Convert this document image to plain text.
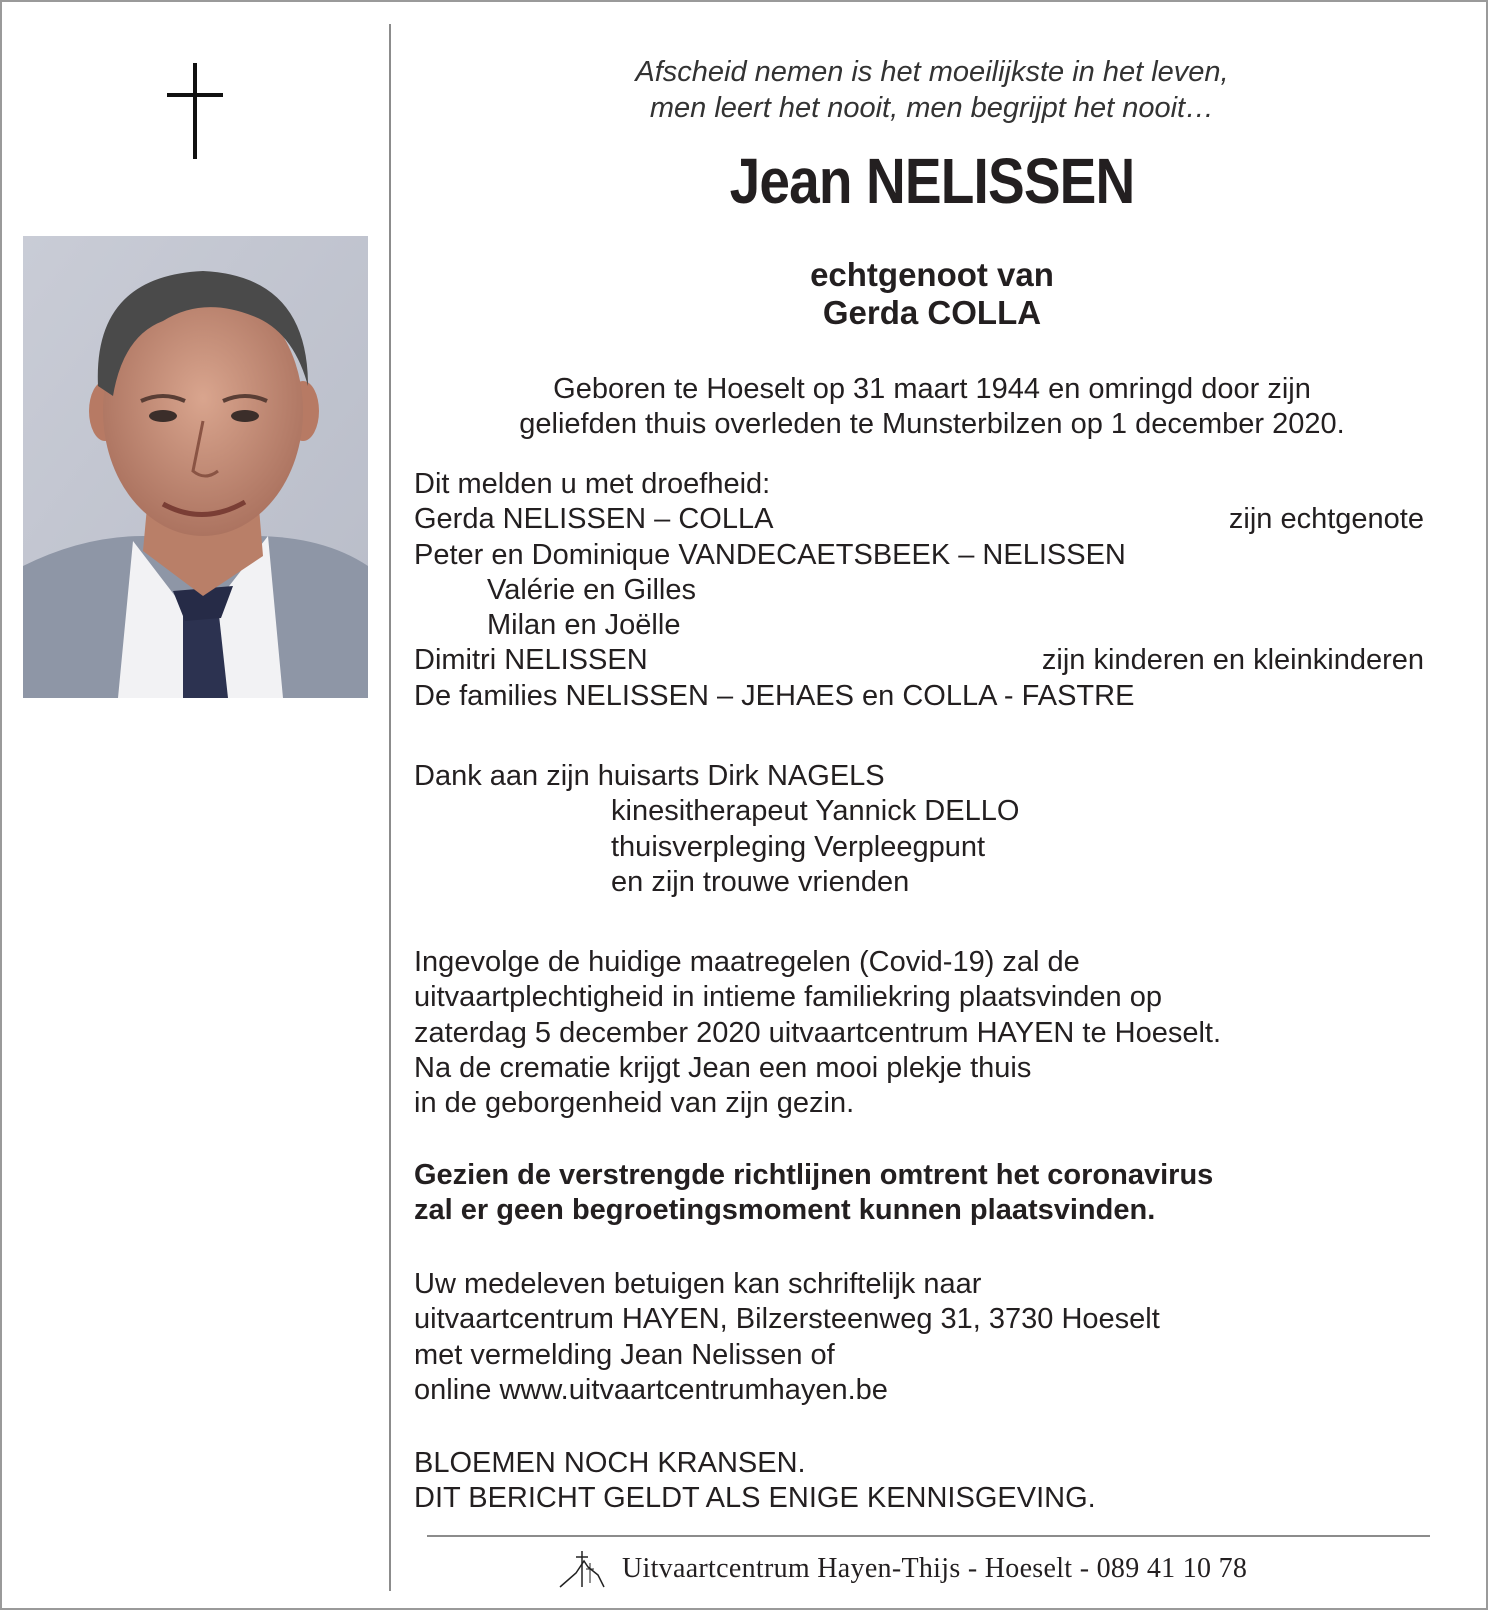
Afscheid nemen is het moeilijkste in het leven,
men leert het nooit, men begrijpt het nooit…
Jean NELISSEN
echtgenoot van
Gerda COLLA
Geboren te Hoeselt op 31 maart 1944 en omringd door zijn
geliefden thuis overleden te Munsterbilzen op 1 december 2020.
Dit melden u met droefheid:
Gerda NELISSEN – COLLA	zijn echtgenote
Peter en Dominique VANDECAETSBEEK – NELISSEN
Valérie en Gilles
Milan en Joëlle
Dimitri NELISSEN	zijn kinderen en kleinkinderen
De families NELISSEN – JEHAES en COLLA - FASTRE
Dank aan zijn huisarts Dirk NAGELS
kinesitherapeut Yannick DELLO
thuisverpleging Verpleegpunt
en zijn trouwe vrienden
Ingevolge de huidige maatregelen (Covid-19) zal de
uitvaartplechtigheid in intieme familiekring plaatsvinden op
zaterdag 5 december 2020 uitvaartcentrum HAYEN te Hoeselt.
Na de crematie krijgt Jean een mooi plekje thuis
in de geborgenheid van zijn gezin.
Gezien de verstrengde richtlijnen omtrent het coronavirus
zal er geen begroetingsmoment kunnen plaatsvinden.
Uw medeleven betuigen kan schriftelijk naar
uitvaartcentrum HAYEN, Bilzersteenweg 31, 3730 Hoeselt
met vermelding Jean Nelissen of
online www.uitvaartcentrumhayen.be
BLOEMEN NOCH KRANSEN.
DIT BERICHT GELDT ALS ENIGE KENNISGEVING.
Uitvaartcentrum Hayen-Thijs - Hoeselt - 089 41 10 78
